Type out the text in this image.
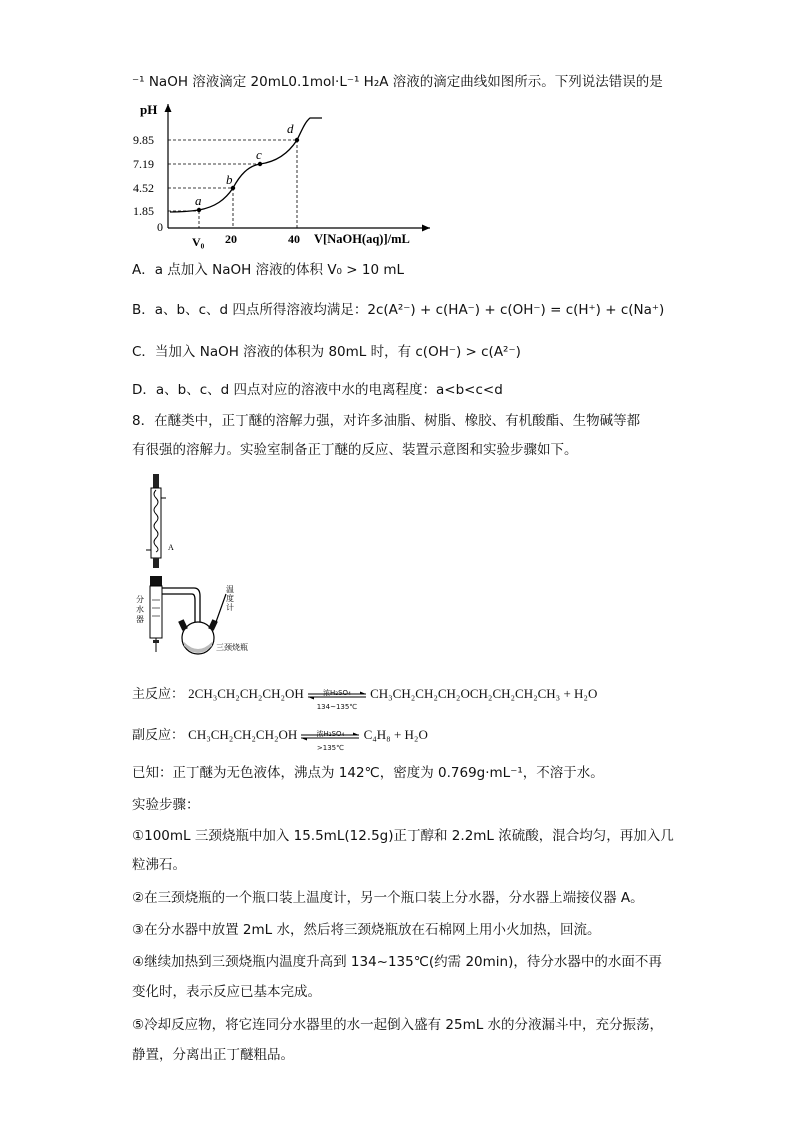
⁻¹ NaOH 溶液滴定 20mL0.1mol·L⁻¹ H₂A 溶液的滴定曲线如图所示。下列说法错误的是
pH
0
9.85
7.19
4.52
1.85
a
b
c
d
V₀ 20	40 V[NaOH(aq)]/mL
A．a 点加入 NaOH 溶液的体积 V₀ > 10 mL
B．a、b、c、d 四点所得溶液均满足：2c(A²⁻) + c(HA⁻) + c(OH⁻) = c(H⁺) + c(Na⁺)
C．当加入 NaOH 溶液的体积为 80mL 时，有 c(OH⁻) > c(A²⁻)
D．a、b、c、d 四点对应的溶液中水的电离程度：a<b<c<d
8．在醚类中，正丁醚的溶解力强，对许多油脂、树脂、橡胶、有机酸酯、生物碱等都
有很强的溶解力。实验室制备正丁醚的反应、装置示意图和实验步骤如下。
A
分
水
器
温
度
计
三颈烧瓶
主反应： 2CH₃CH₂CH₂CH₂OH	浓H₂SO₄
134~135℃
CH₃CH₂CH₂CH₂OCH₂CH₂CH₂CH₃ + H₂O
副反应： CH₃CH₂CH₂CH₂OH	浓H₂SO₄
>135℃
C₄H₈ + H₂O
已知：正丁醚为无色液体，沸点为 142℃，密度为 0.769g·mL⁻¹，不溶于水。
实验步骤：
①100mL 三颈烧瓶中加入 15.5mL(12.5g)正丁醇和 2.2mL 浓硫酸，混合均匀，再加入几
粒沸石。
②在三颈烧瓶的一个瓶口装上温度计，另一个瓶口装上分水器，分水器上端接仪器 A。
③在分水器中放置 2mL 水，然后将三颈烧瓶放在石棉网上用小火加热，回流。
④继续加热到三颈烧瓶内温度升高到 134~135℃(约需 20min)，待分水器中的水面不再
变化时，表示反应已基本完成。
⑤冷却反应物，将它连同分水器里的水一起倒入盛有 25mL 水的分液漏斗中，充分振荡，
静置，分离出正丁醚粗品。
